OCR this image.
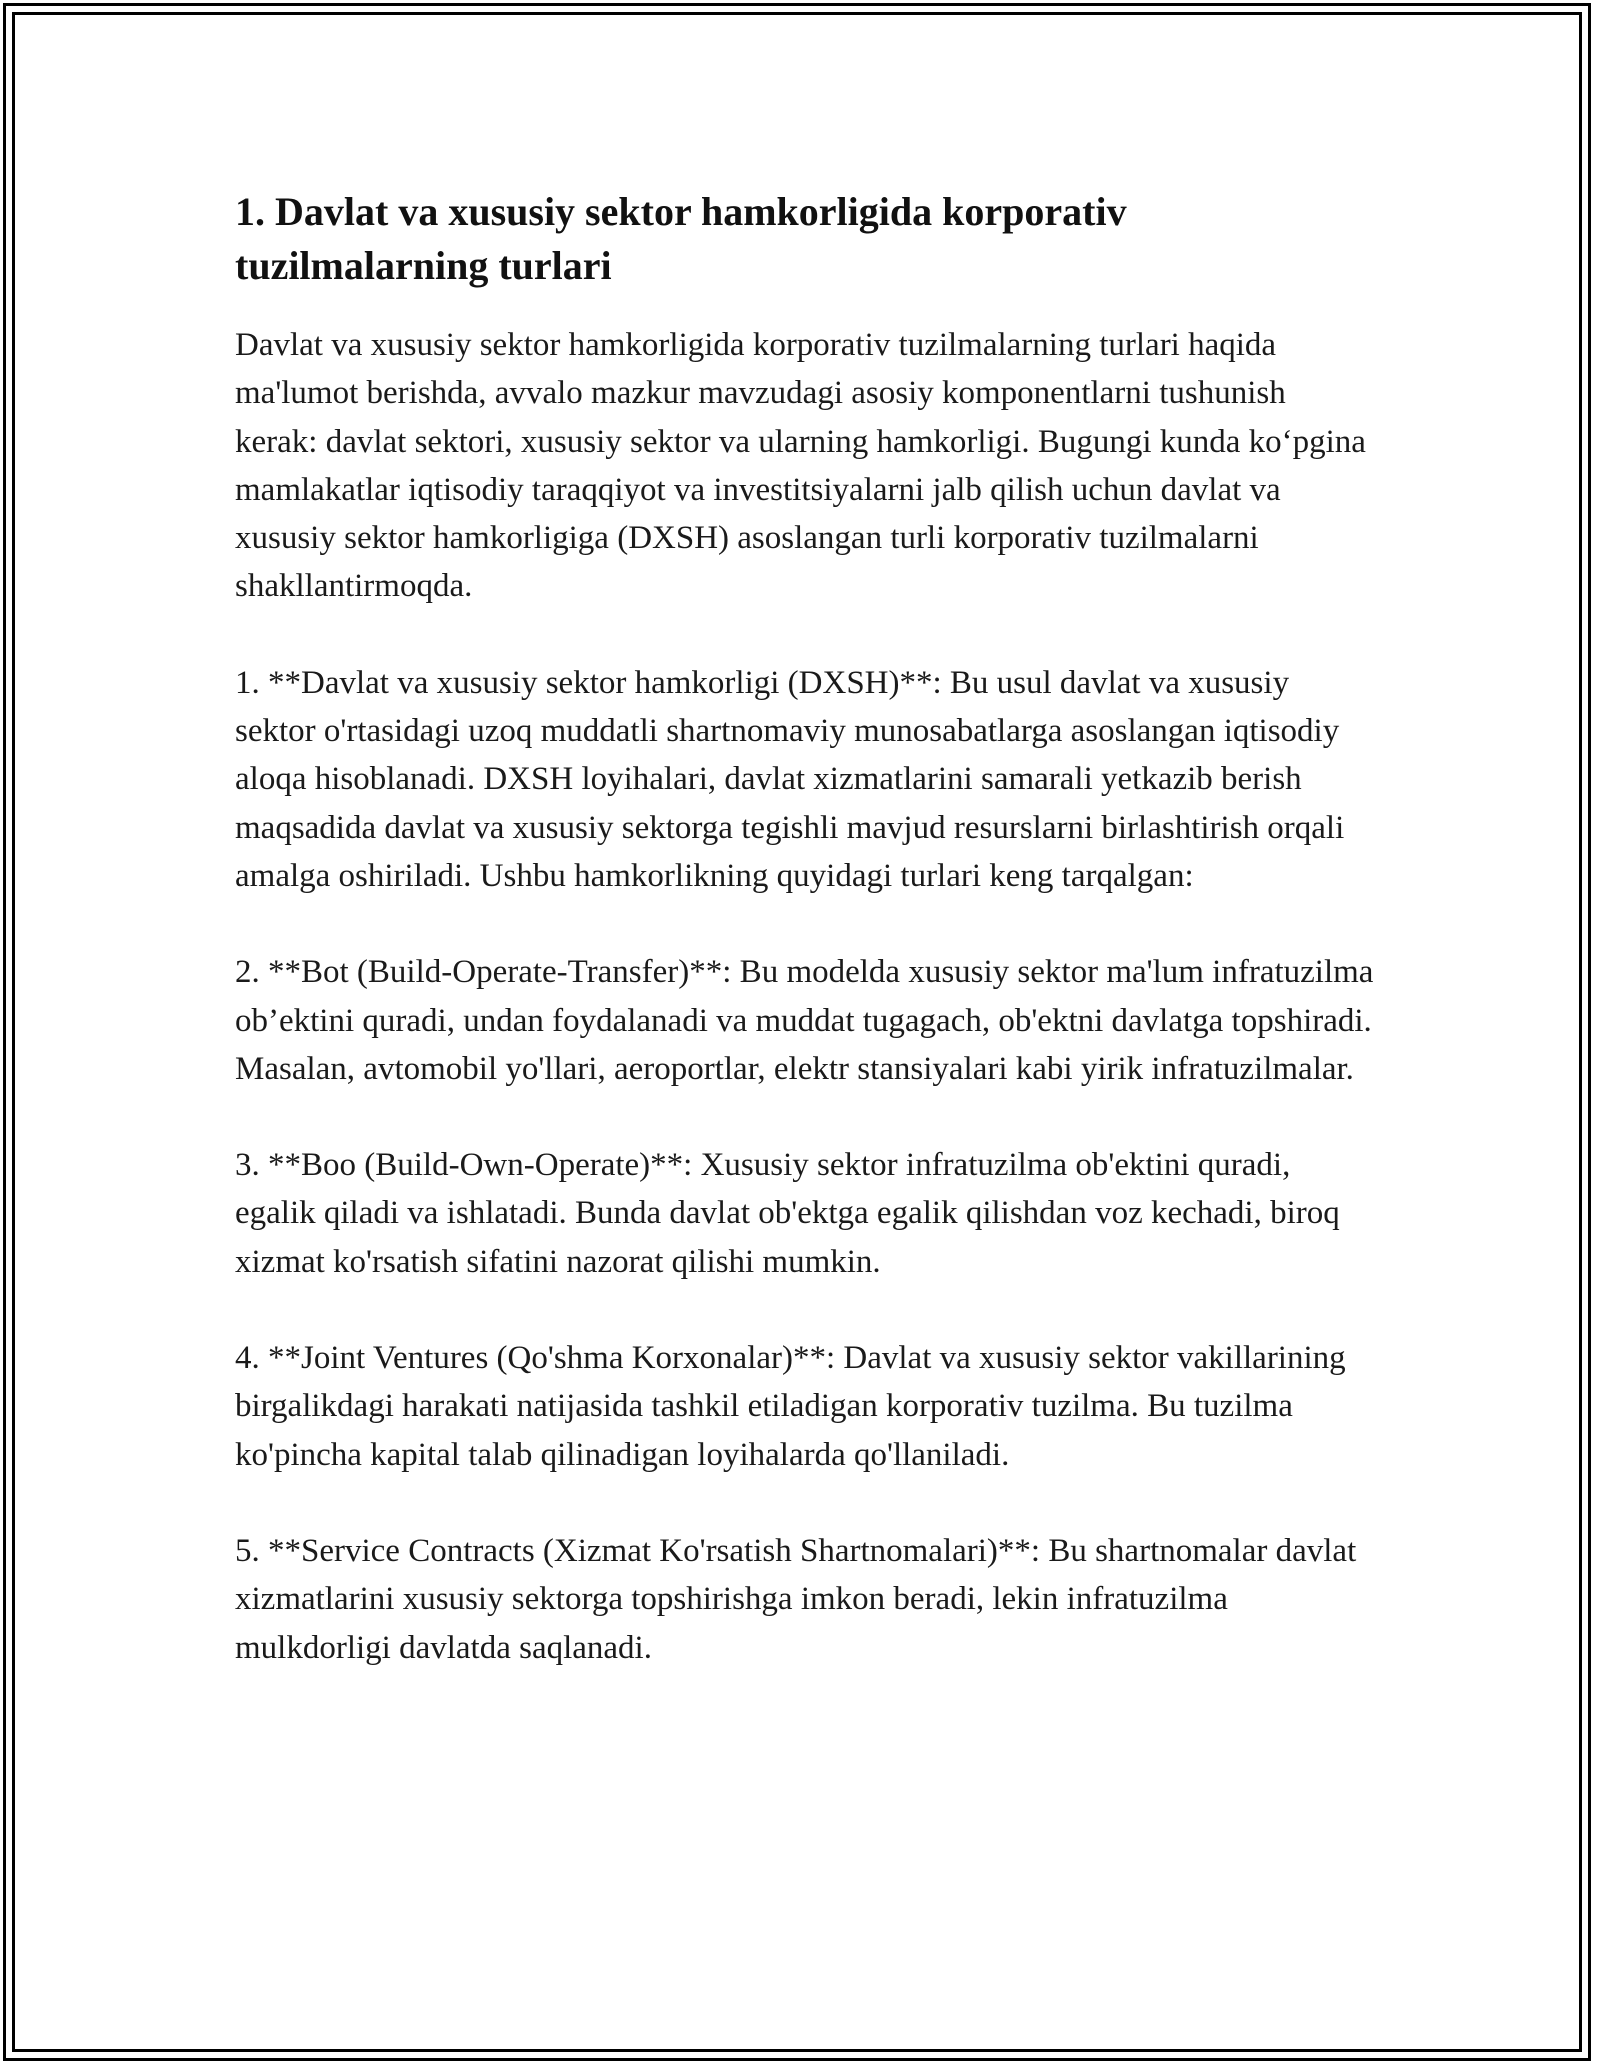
1. Davlat va xususiy sektor hamkorligida korporativ tuzilmalarning turlari

Davlat va xususiy sektor hamkorligida korporativ tuzilmalarning turlari haqida ma'lumot berishda, avvalo mazkur mavzudagi asosiy komponentlarni tushunish kerak: davlat sektori, xususiy sektor va ularning hamkorligi. Bugungi kunda ko‘pgina mamlakatlar iqtisodiy taraqqiyot va investitsiyalarni jalb qilish uchun davlat va xususiy sektor hamkorligiga (DXSH) asoslangan turli korporativ tuzilmalarni shakllantirmoqda.

1. **Davlat va xususiy sektor hamkorligi (DXSH)**: Bu usul davlat va xususiy sektor o'rtasidagi uzoq muddatli shartnomaviy munosabatlarga asoslangan iqtisodiy aloqa hisoblanadi. DXSH loyihalari, davlat xizmatlarini samarali yetkazib berish maqsadida davlat va xususiy sektorga tegishli mavjud resurslarni birlashtirish orqali amalga oshiriladi. Ushbu hamkorlikning quyidagi turlari keng tarqalgan:

2. **Bot (Build-Operate-Transfer)**: Bu modelda xususiy sektor ma'lum infratuzilma ob’ektini quradi, undan foydalanadi va muddat tugagach, ob'ektni davlatga topshiradi. Masalan, avtomobil yo'llari, aeroportlar, elektr stansiyalari kabi yirik infratuzilmalar.

3. **Boo (Build-Own-Operate)**: Xususiy sektor infratuzilma ob'ektini quradi, egalik qiladi va ishlatadi. Bunda davlat ob'ektga egalik qilishdan voz kechadi, biroq xizmat ko'rsatish sifatini nazorat qilishi mumkin.

4. **Joint Ventures (Qo'shma Korxonalar)**: Davlat va xususiy sektor vakillarining birgalikdagi harakati natijasida tashkil etiladigan korporativ tuzilma. Bu tuzilma ko'pincha kapital talab qilinadigan loyihalarda qo'llaniladi.

5. **Service Contracts (Xizmat Ko'rsatish Shartnomalari)**: Bu shartnomalar davlat xizmatlarini xususiy sektorga topshirishga imkon beradi, lekin infratuzilma mulkdorligi davlatda saqlanadi.
